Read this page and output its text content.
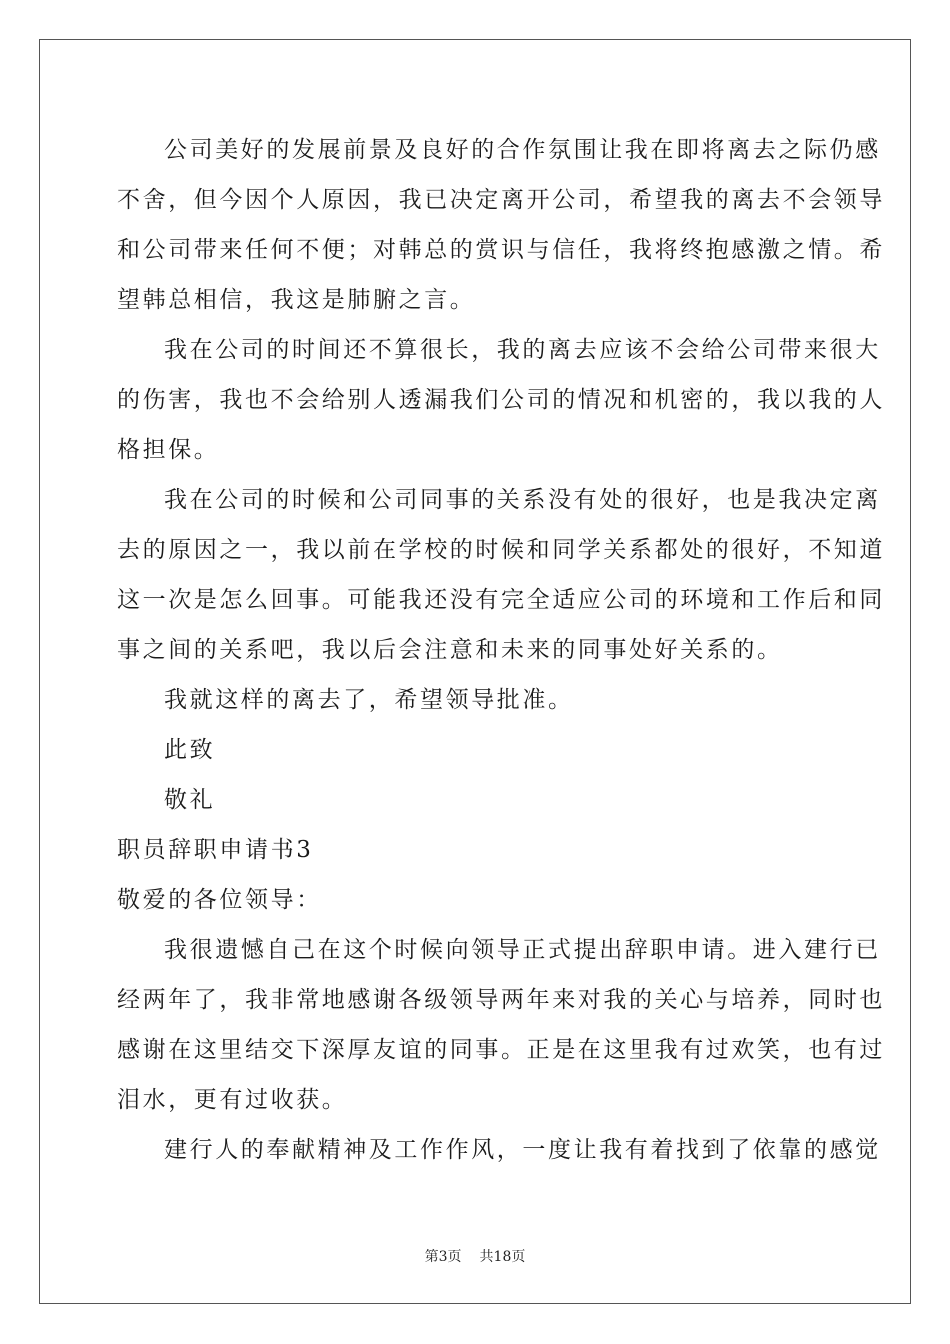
公司美好的发展前景及良好的合作氛围让我在即将离去之际仍感
不舍，但今因个人原因，我已决定离开公司，希望我的离去不会领导
和公司带来任何不便；对韩总的赏识与信任，我将终抱感激之情。希
望韩总相信，我这是肺腑之言。
我在公司的时间还不算很长，我的离去应该不会给公司带来很大
的伤害，我也不会给别人透漏我们公司的情况和机密的，我以我的人
格担保。
我在公司的时候和公司同事的关系没有处的很好，也是我决定离
去的原因之一，我以前在学校的时候和同学关系都处的很好，不知道
这一次是怎么回事。可能我还没有完全适应公司的环境和工作后和同
事之间的关系吧，我以后会注意和未来的同事处好关系的。
我就这样的离去了，希望领导批准。
此致
敬礼
职员辞职申请书3
敬爱的各位领导：
我很遗憾自己在这个时候向领导正式提出辞职申请。进入建行已
经两年了，我非常地感谢各级领导两年来对我的关心与培养，同时也
感谢在这里结交下深厚友谊的同事。正是在这里我有过欢笑，也有过
泪水，更有过收获。
建行人的奉献精神及工作作风，一度让我有着找到了依靠的感觉
第3页 共18页
